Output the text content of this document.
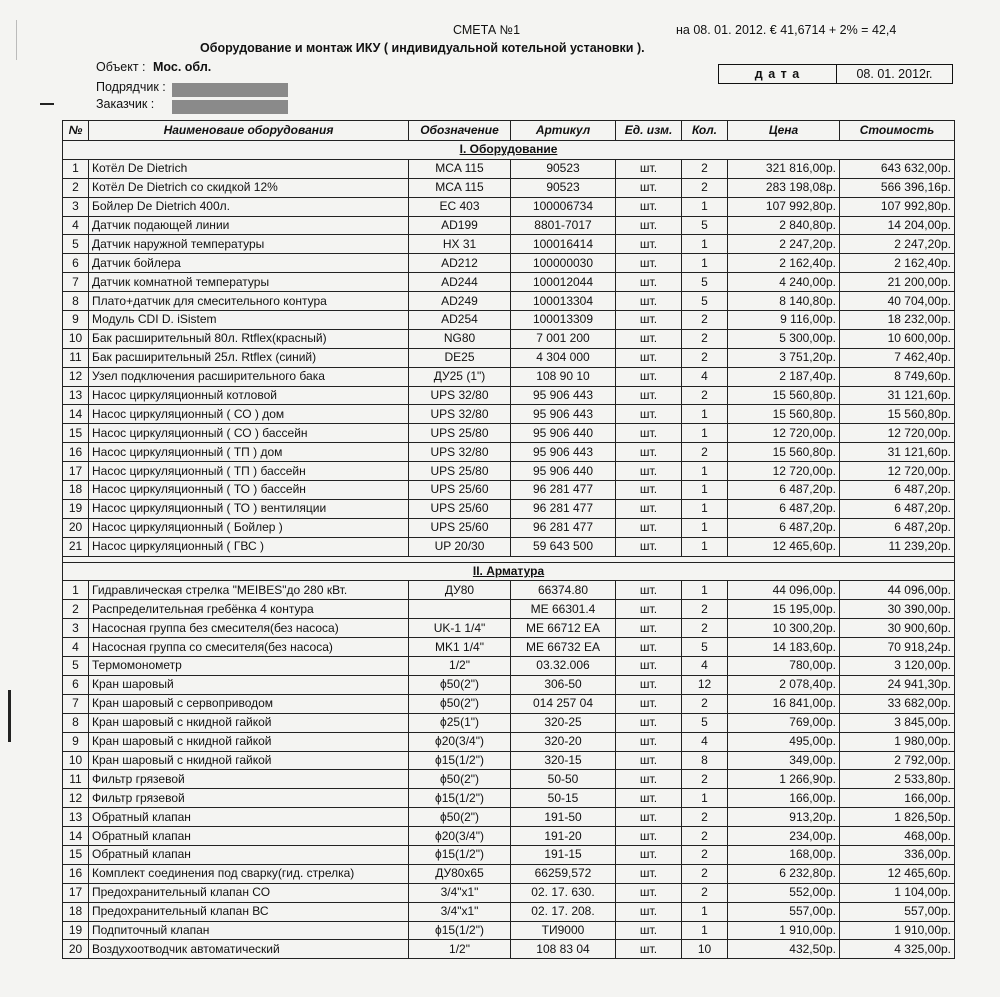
СМЕТА №1	на 08. 01. 2012. € 41,6714 + 2% = 42,4
Оборудование и монтаж ИКУ ( индивидуальной котельной установки ).
Объект : Мос. обл.
Подрядчик :
Заказчик :
д а т а	08. 01. 2012г.
№	Наименоваие оборудования	Обозначение	Артикул	Ед. изм.	Кол.	Цена	Стоимость
I. Оборудование							
1	Котёл De Dietrich	MCA 115	90523	шт.	2	321 816,00р.	643 632,00р.
2	Котёл De Dietrich со скидкой 12%	MCA 115	90523	шт.	2	283 198,08р.	566 396,16р.
3	Бойлер De Dietrich 400л.	EC 403	100006734	шт.	1	107 992,80р.	107 992,80р.
4	Датчик подающей линии	AD199	8801-7017	шт.	5	2 840,80р.	14 204,00р.
5	Датчик наружной температуры	HX 31	100016414	шт.	1	2 247,20р.	2 247,20р.
6	Датчик бойлера	AD212	100000030	шт.	1	2 162,40р.	2 162,40р.
7	Датчик комнатной температуры	AD244	100012044	шт.	5	4 240,00р.	21 200,00р.
8	Плато+датчик для смесительного контура	AD249	100013304	шт.	5	8 140,80р.	40 704,00р.
9	Модуль CDI D. iSistem	AD254	100013309	шт.	2	9 116,00р.	18 232,00р.
10	Бак расширительный 80л. Rtflex(красный)	NG80	7 001 200	шт.	2	5 300,00р.	10 600,00р.
11	Бак расширительный 25л. Rtflex (синий)	DE25	4 304 000	шт.	2	3 751,20р.	7 462,40р.
12	Узел подключения расширительного бака	ДУ25 (1")	108 90 10	шт.	4	2 187,40р.	8 749,60р.
13	Насос циркуляционный котловой	UPS 32/80	95 906 443	шт.	2	15 560,80р.	31 121,60р.
14	Насос циркуляционный ( СО ) дом	UPS 32/80	95 906 443	шт.	1	15 560,80р.	15 560,80р.
15	Насос циркуляционный ( СО ) бассейн	UPS 25/80	95 906 440	шт.	1	12 720,00р.	12 720,00р.
16	Насос циркуляционный ( ТП ) дом	UPS 32/80	95 906 443	шт.	2	15 560,80р.	31 121,60р.
17	Насос циркуляционный ( ТП ) бассейн	UPS 25/80	95 906 440	шт.	1	12 720,00р.	12 720,00р.
18	Насос циркуляционный ( ТО ) бассейн	UPS 25/60	96 281 477	шт.	1	6 487,20р.	6 487,20р.
19	Насос циркуляционный ( ТО ) вентиляции	UPS 25/60	96 281 477	шт.	1	6 487,20р.	6 487,20р.
20	Насос циркуляционный ( Бойлер )	UPS 25/60	96 281 477	шт.	1	6 487,20р.	6 487,20р.
21	Насос циркуляционный ( ГВС )	UP 20/30	59 643 500	шт.	1	12 465,60р.	11 239,20р.

II. Арматура							
1	Гидравлическая стрелка "MEIBES"до 280 кВт.	ДУ80	66374.80	шт.	1	44 096,00р.	44 096,00р.
2	Распределительная гребёнка 4 контура		ME 66301.4	шт.	2	15 195,00р.	30 390,00р.
3	Насосная группа без смесителя(без насоса)	UK-1 1/4"	ME 66712 EA	шт.	2	10 300,20р.	30 900,60р.
4	Насосная группа со смесителя(без насоса)	MK1 1/4"	ME 66732 EA	шт.	5	14 183,60р.	70 918,24р.
5	Термомонометр	1/2"	03.32.006	шт.	4	780,00р.	3 120,00р.
6	Кран шаровый	ϕ50(2")	306-50	шт.	12	2 078,40р.	24 941,30р.
7	Кран шаровый с сервоприводом	ϕ50(2")	014 257 04	шт.	2	16 841,00р.	33 682,00р.
8	Кран шаровый с нкидной гайкой	ϕ25(1")	320-25	шт.	5	769,00р.	3 845,00р.
9	Кран шаровый с нкидной гайкой	ϕ20(3/4")	320-20	шт.	4	495,00р.	1 980,00р.
10	Кран шаровый с нкидной гайкой	ϕ15(1/2")	320-15	шт.	8	349,00р.	2 792,00р.
11	Фильтр грязевой	ϕ50(2")	50-50	шт.	2	1 266,90р.	2 533,80р.
12	Фильтр грязевой	ϕ15(1/2")	50-15	шт.	1	166,00р.	166,00р.
13	Обратный клапан	ϕ50(2")	191-50	шт.	2	913,20р.	1 826,50р.
14	Обратный клапан	ϕ20(3/4")	191-20	шт.	2	234,00р.	468,00р.
15	Обратный клапан	ϕ15(1/2")	191-15	шт.	2	168,00р.	336,00р.
16	Комплект соединения под сварку(гид. стрелка)	ДУ80х65	66259,572	шт.	2	6 232,80р.	12 465,60р.
17	Предохранительный клапан СО	3/4"x1"	02. 17. 630.	шт.	2	552,00р.	1 104,00р.
18	Предохранительный клапан ВС	3/4"x1"	02. 17. 208.	шт.	1	557,00р.	557,00р.
19	Подпиточный клапан	ϕ15(1/2")	ТИ9000	шт.	1	1 910,00р.	1 910,00р.
20	Воздухоотводчик автоматический	1/2"	108 83 04	шт.	10	432,50р.	4 325,00р.
